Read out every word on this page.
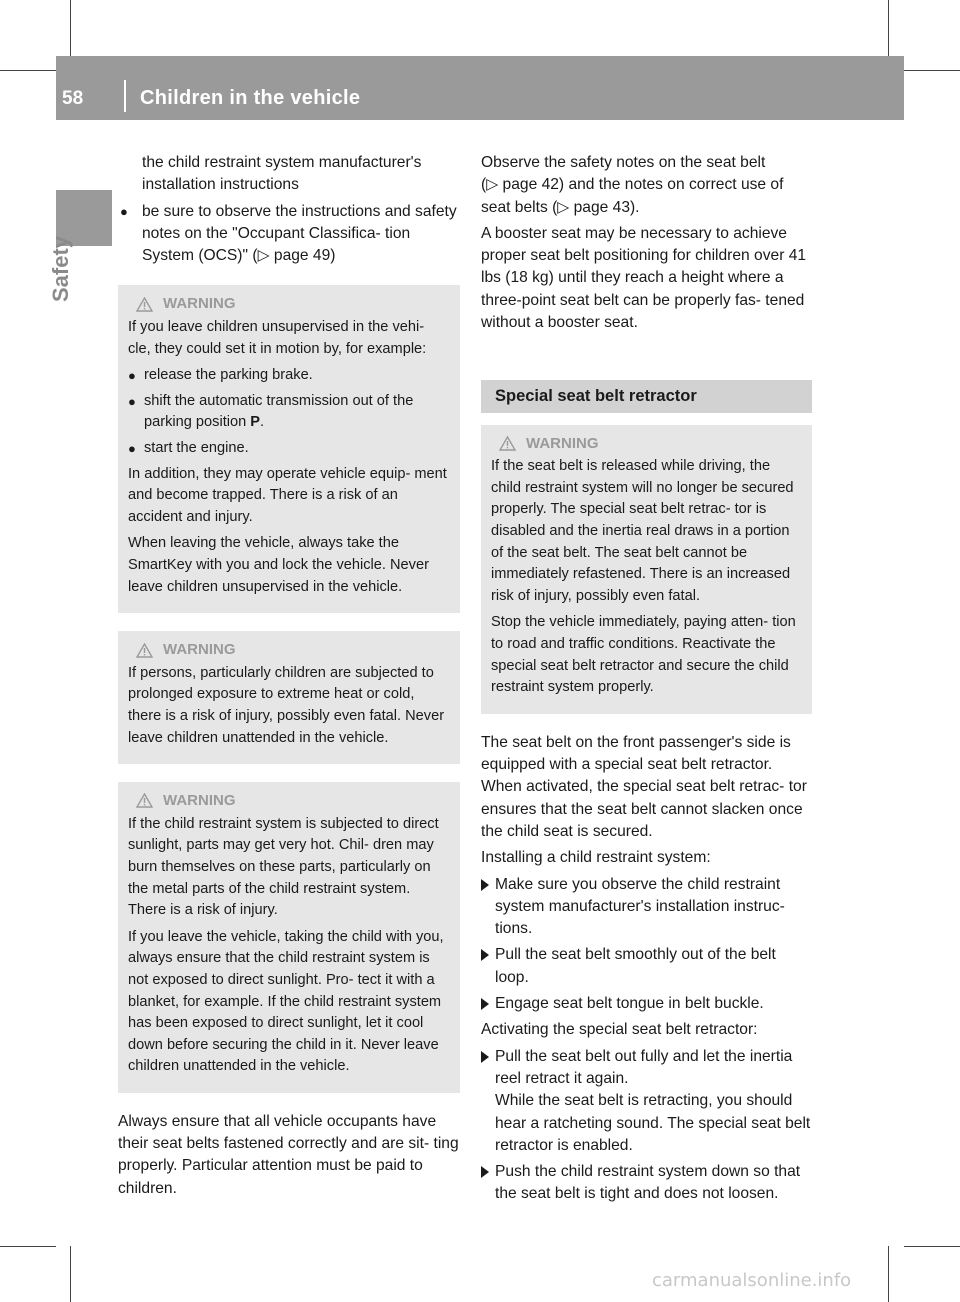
58	Children in the vehicle
Safety

the child restraint system manufacturer's installation instructions

● be sure to observe the instructions and safety notes on the "Occupant Classifica- tion System (OCS)" (▷ page 49)
WARNING

If you leave children unsupervised in the vehi- cle, they could set it in motion by, for example:

● release the parking brake.
● shift the automatic transmission out of the parking position P.
● start the engine.

In addition, they may operate vehicle equip- ment and become trapped. There is a risk of an accident and injury.

When leaving the vehicle, always take the SmartKey with you and lock the vehicle. Never leave children unsupervised in the vehicle.

WARNING

If persons, particularly children are subjected to prolonged exposure to extreme heat or cold, there is a risk of injury, possibly even fatal. Never leave children unattended in the vehicle.

WARNING

If the child restraint system is subjected to direct sunlight, parts may get very hot. Chil- dren may burn themselves on these parts, particularly on the metal parts of the child restraint system. There is a risk of injury.

If you leave the vehicle, taking the child with you, always ensure that the child restraint system is not exposed to direct sunlight. Pro- tect it with a blanket, for example. If the child restraint system has been exposed to direct sunlight, let it cool down before securing the child in it. Never leave children unattended in the vehicle.

Always ensure that all vehicle occupants have their seat belts fastened correctly and are sit- ting properly. Particular attention must be paid to children.

Observe the safety notes on the seat belt (▷ page 42) and the notes on correct use of seat belts (▷ page 43).

A booster seat may be necessary to achieve proper seat belt positioning for children over 41 lbs (18 kg) until they reach a height where a three-point seat belt can be properly fas- tened without a booster seat.

Special seat belt retractor
WARNING

If the seat belt is released while driving, the child restraint system will no longer be secured properly. The special seat belt retrac- tor is disabled and the inertia real draws in a portion of the seat belt. The seat belt cannot be immediately refastened. There is an increased risk of injury, possibly even fatal.

Stop the vehicle immediately, paying atten- tion to road and traffic conditions. Reactivate the special seat belt retractor and secure the child restraint system properly.

The seat belt on the front passenger's side is equipped with a special seat belt retractor. When activated, the special seat belt retrac- tor ensures that the seat belt cannot slacken once the child seat is secured.

Installing a child restraint system:

Make sure you observe the child restraint system manufacturer's installation instruc- tions.
Pull the seat belt smoothly out of the belt loop.
Engage seat belt tongue in belt buckle.

Activating the special seat belt retractor:

Pull the seat belt out fully and let the inertia reel retract it again.
While the seat belt is retracting, you should hear a ratcheting sound. The special seat belt retractor is enabled.
Push the child restraint system down so that the seat belt is tight and does not loosen.
carmanualsonline.info
